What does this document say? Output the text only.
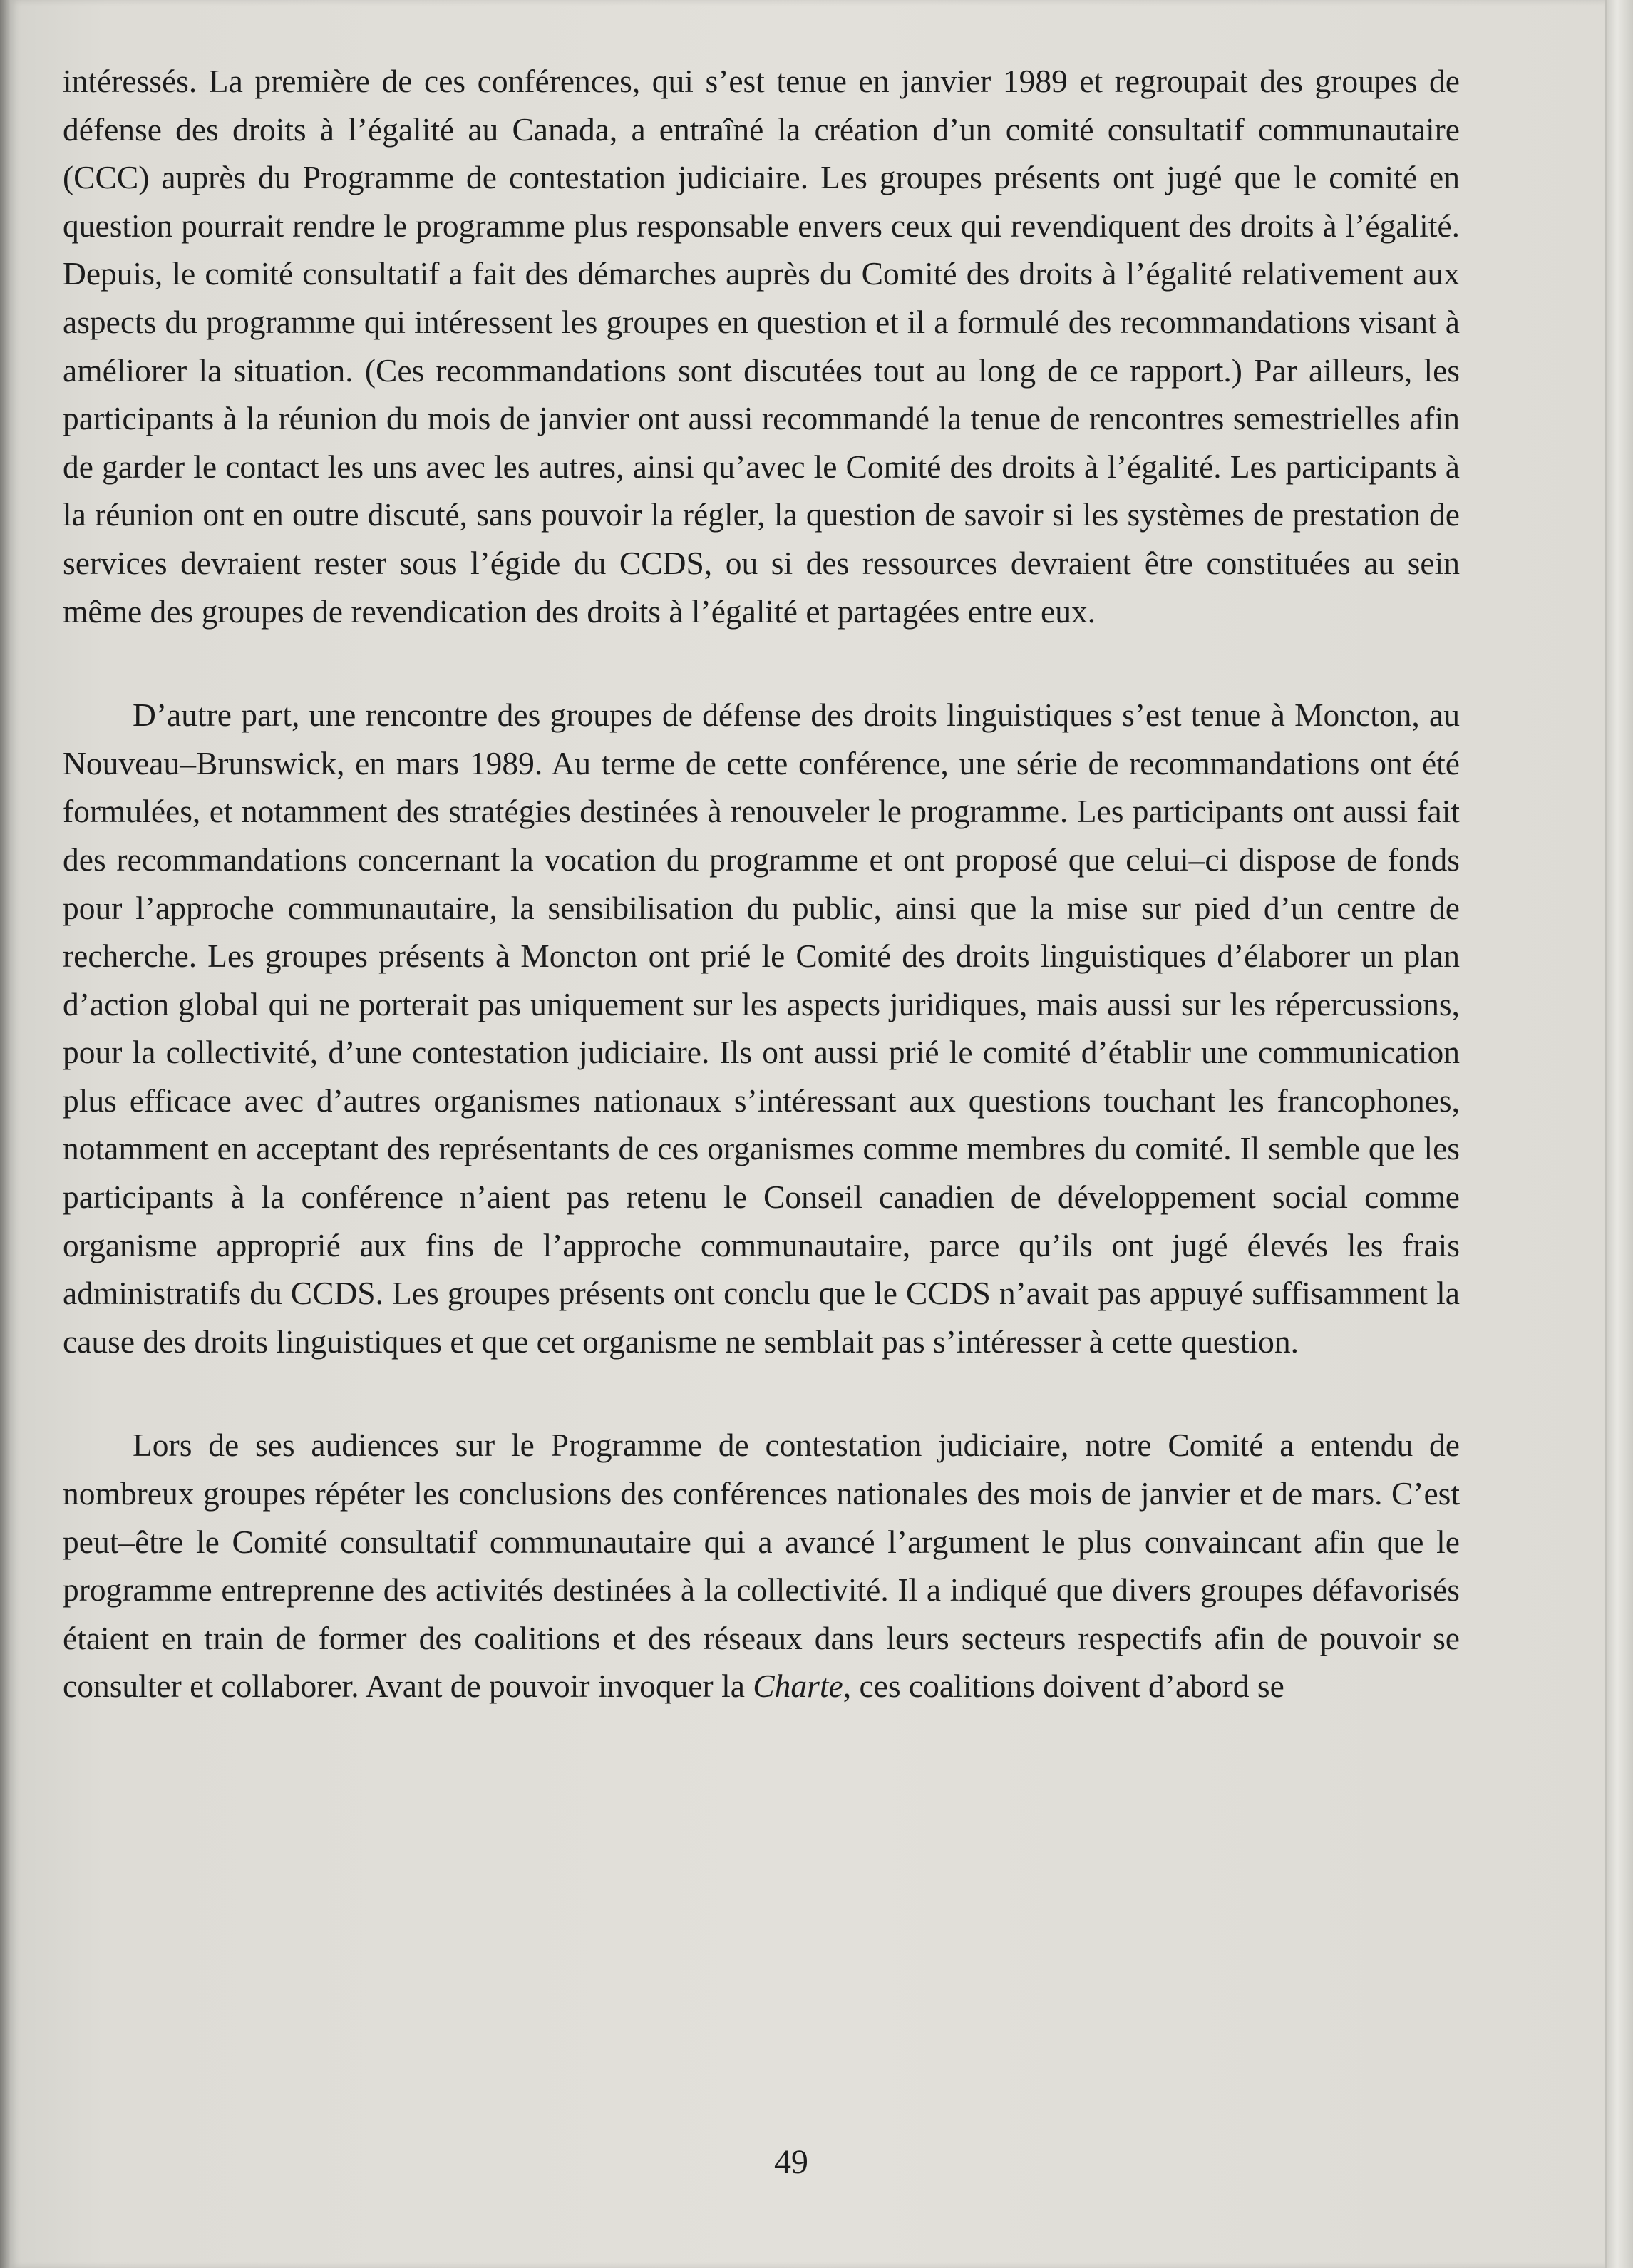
intéressés. La première de ces conférences, qui s’est tenue en janvier 1989 et regroupait des groupes de défense des droits à l’égalité au Canada, a entraîné la création d’un comité consultatif communautaire (CCC) auprès du Programme de contestation judiciaire. Les groupes présents ont jugé que le comité en question pourrait rendre le programme plus responsable envers ceux qui revendiquent des droits à l’égalité. Depuis, le comité consultatif a fait des démarches auprès du Comité des droits à l’égalité relativement aux aspects du programme qui intéressent les groupes en question et il a formulé des recommandations visant à améliorer la situation. (Ces recommandations sont discutées tout au long de ce rapport.) Par ailleurs, les participants à la réunion du mois de janvier ont aussi recommandé la tenue de rencontres semestrielles afin de garder le contact les uns avec les autres, ainsi qu’avec le Comité des droits à l’égalité. Les participants à la réunion ont en outre discuté, sans pouvoir la régler, la question de savoir si les systèmes de prestation de services devraient rester sous l’égide du CCDS, ou si des ressources devraient être constituées au sein même des groupes de revendication des droits à l’égalité et partagées entre eux.

D’autre part, une rencontre des groupes de défense des droits linguistiques s’est tenue à Moncton, au Nouveau–Brunswick, en mars 1989. Au terme de cette conférence, une série de recommandations ont été formulées, et notamment des stratégies destinées à renouveler le programme. Les participants ont aussi fait des recommandations concernant la vocation du programme et ont proposé que celui–ci dispose de fonds pour l’approche communautaire, la sensibilisation du public, ainsi que la mise sur pied d’un centre de recherche. Les groupes présents à Moncton ont prié le Comité des droits linguistiques d’élaborer un plan d’action global qui ne porterait pas uniquement sur les aspects juridiques, mais aussi sur les répercussions, pour la collectivité, d’une contestation judiciaire. Ils ont aussi prié le comité d’établir une communication plus efficace avec d’autres organismes nationaux s’intéressant aux questions touchant les francophones, notamment en acceptant des représentants de ces organismes comme membres du comité. Il semble que les participants à la conférence n’aient pas retenu le Conseil canadien de développement social comme organisme approprié aux fins de l’approche communautaire, parce qu’ils ont jugé élevés les frais administratifs du CCDS. Les groupes présents ont conclu que le CCDS n’avait pas appuyé suffisamment la cause des droits linguistiques et que cet organisme ne semblait pas s’intéresser à cette question.

Lors de ses audiences sur le Programme de contestation judiciaire, notre Comité a entendu de nombreux groupes répéter les conclusions des conférences nationales des mois de janvier et de mars. C’est peut–être le Comité consultatif communautaire qui a avancé l’argument le plus convaincant afin que le programme entreprenne des activités destinées à la collectivité. Il a indiqué que divers groupes défavorisés étaient en train de former des coalitions et des réseaux dans leurs secteurs respectifs afin de pouvoir se consulter et collaborer. Avant de pouvoir invoquer la Charte, ces coalitions doivent d’abord se

49
